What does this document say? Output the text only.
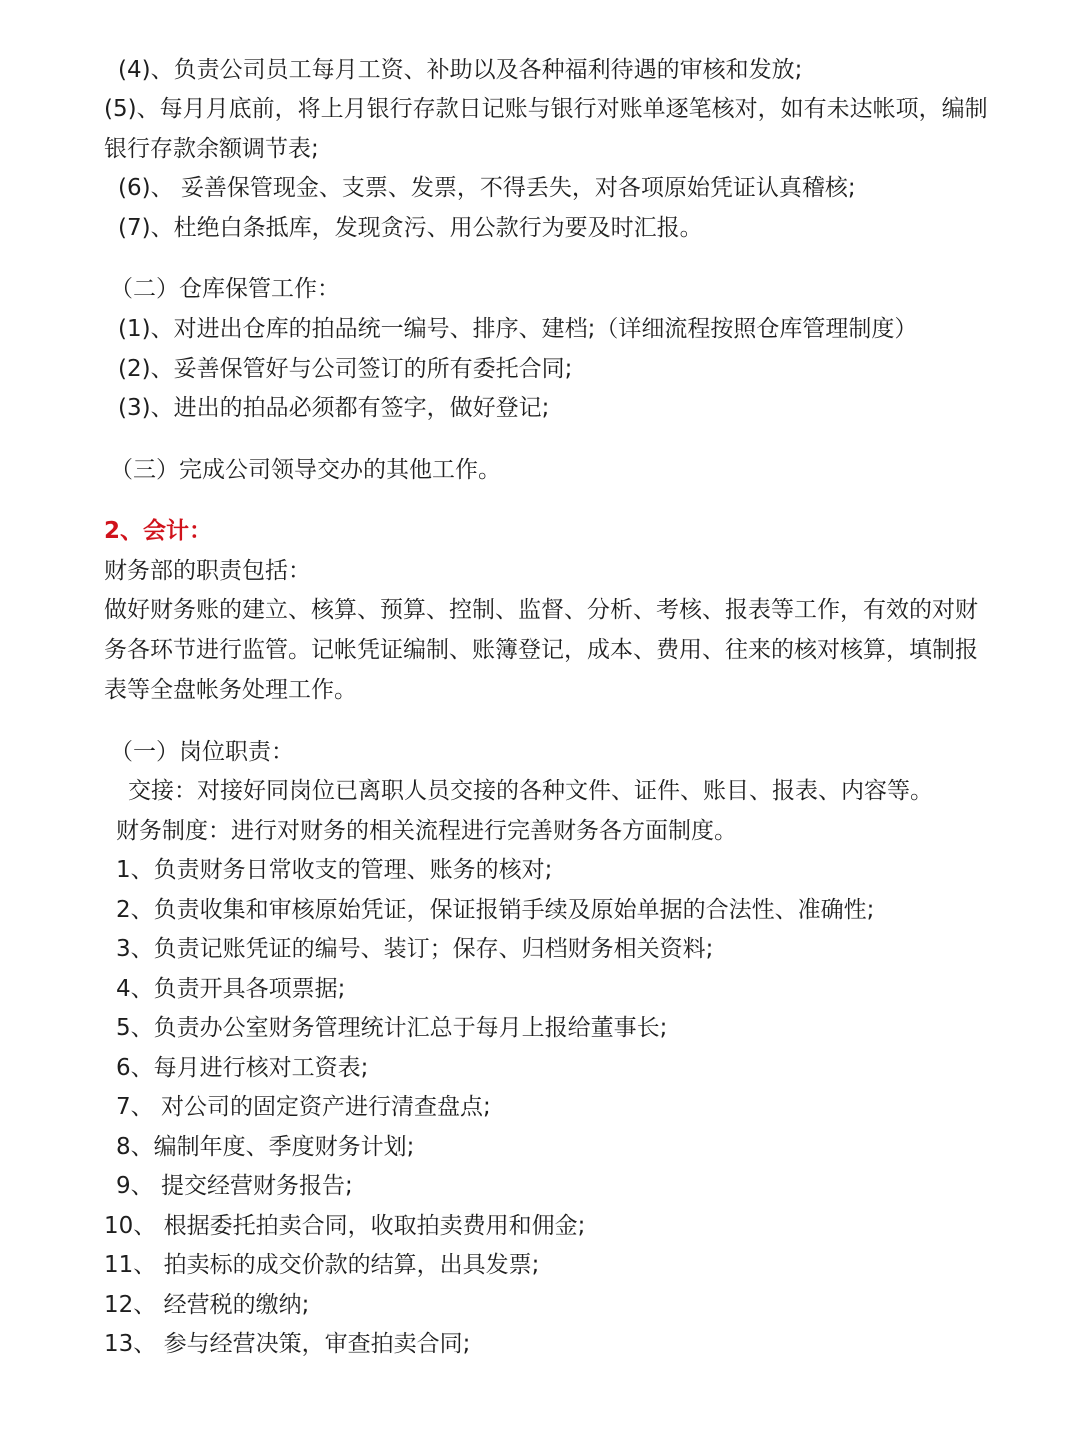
(4)、负责公司员工每月工资、补助以及各种福利待遇的审核和发放;
(5)、每月月底前，将上月银行存款日记账与银行对账单逐笔核对，如有未达帐项，编制
银行存款余额调节表;
(6)、 妥善保管现金、支票、发票，不得丢失，对各项原始凭证认真稽核;
(7)、杜绝白条抵库，发现贪污、用公款行为要及时汇报。
（二）仓库保管工作：
(1)、对进出仓库的拍品统一编号、排序、建档;（详细流程按照仓库管理制度）
(2)、妥善保管好与公司签订的所有委托合同;
(3)、进出的拍品必须都有签字，做好登记;
（三）完成公司领导交办的其他工作。
2、会计：
财务部的职责包括：
做好财务账的建立、核算、预算、控制、监督、分析、考核、报表等工作，有效的对财
务各环节进行监管。记帐凭证编制、账簿登记，成本、费用、往来的核对核算，填制报
表等全盘帐务处理工作。
（一）岗位职责：
交接：对接好同岗位已离职人员交接的各种文件、证件、账目、报表、内容等。
财务制度：进行对财务的相关流程进行完善财务各方面制度。
1、负责财务日常收支的管理、账务的核对;
2、负责收集和审核原始凭证，保证报销手续及原始单据的合法性、准确性;
3、负责记账凭证的编号、装订；保存、归档财务相关资料;
4、负责开具各项票据;
5、负责办公室财务管理统计汇总于每月上报给董事长;
6、每月进行核对工资表;
7、 对公司的固定资产进行清查盘点;
8、编制年度、季度财务计划;
9、 提交经营财务报告;
10、 根据委托拍卖合同，收取拍卖费用和佣金;
11、 拍卖标的成交价款的结算，出具发票;
12、 经营税的缴纳;
13、 参与经营决策，审查拍卖合同;
